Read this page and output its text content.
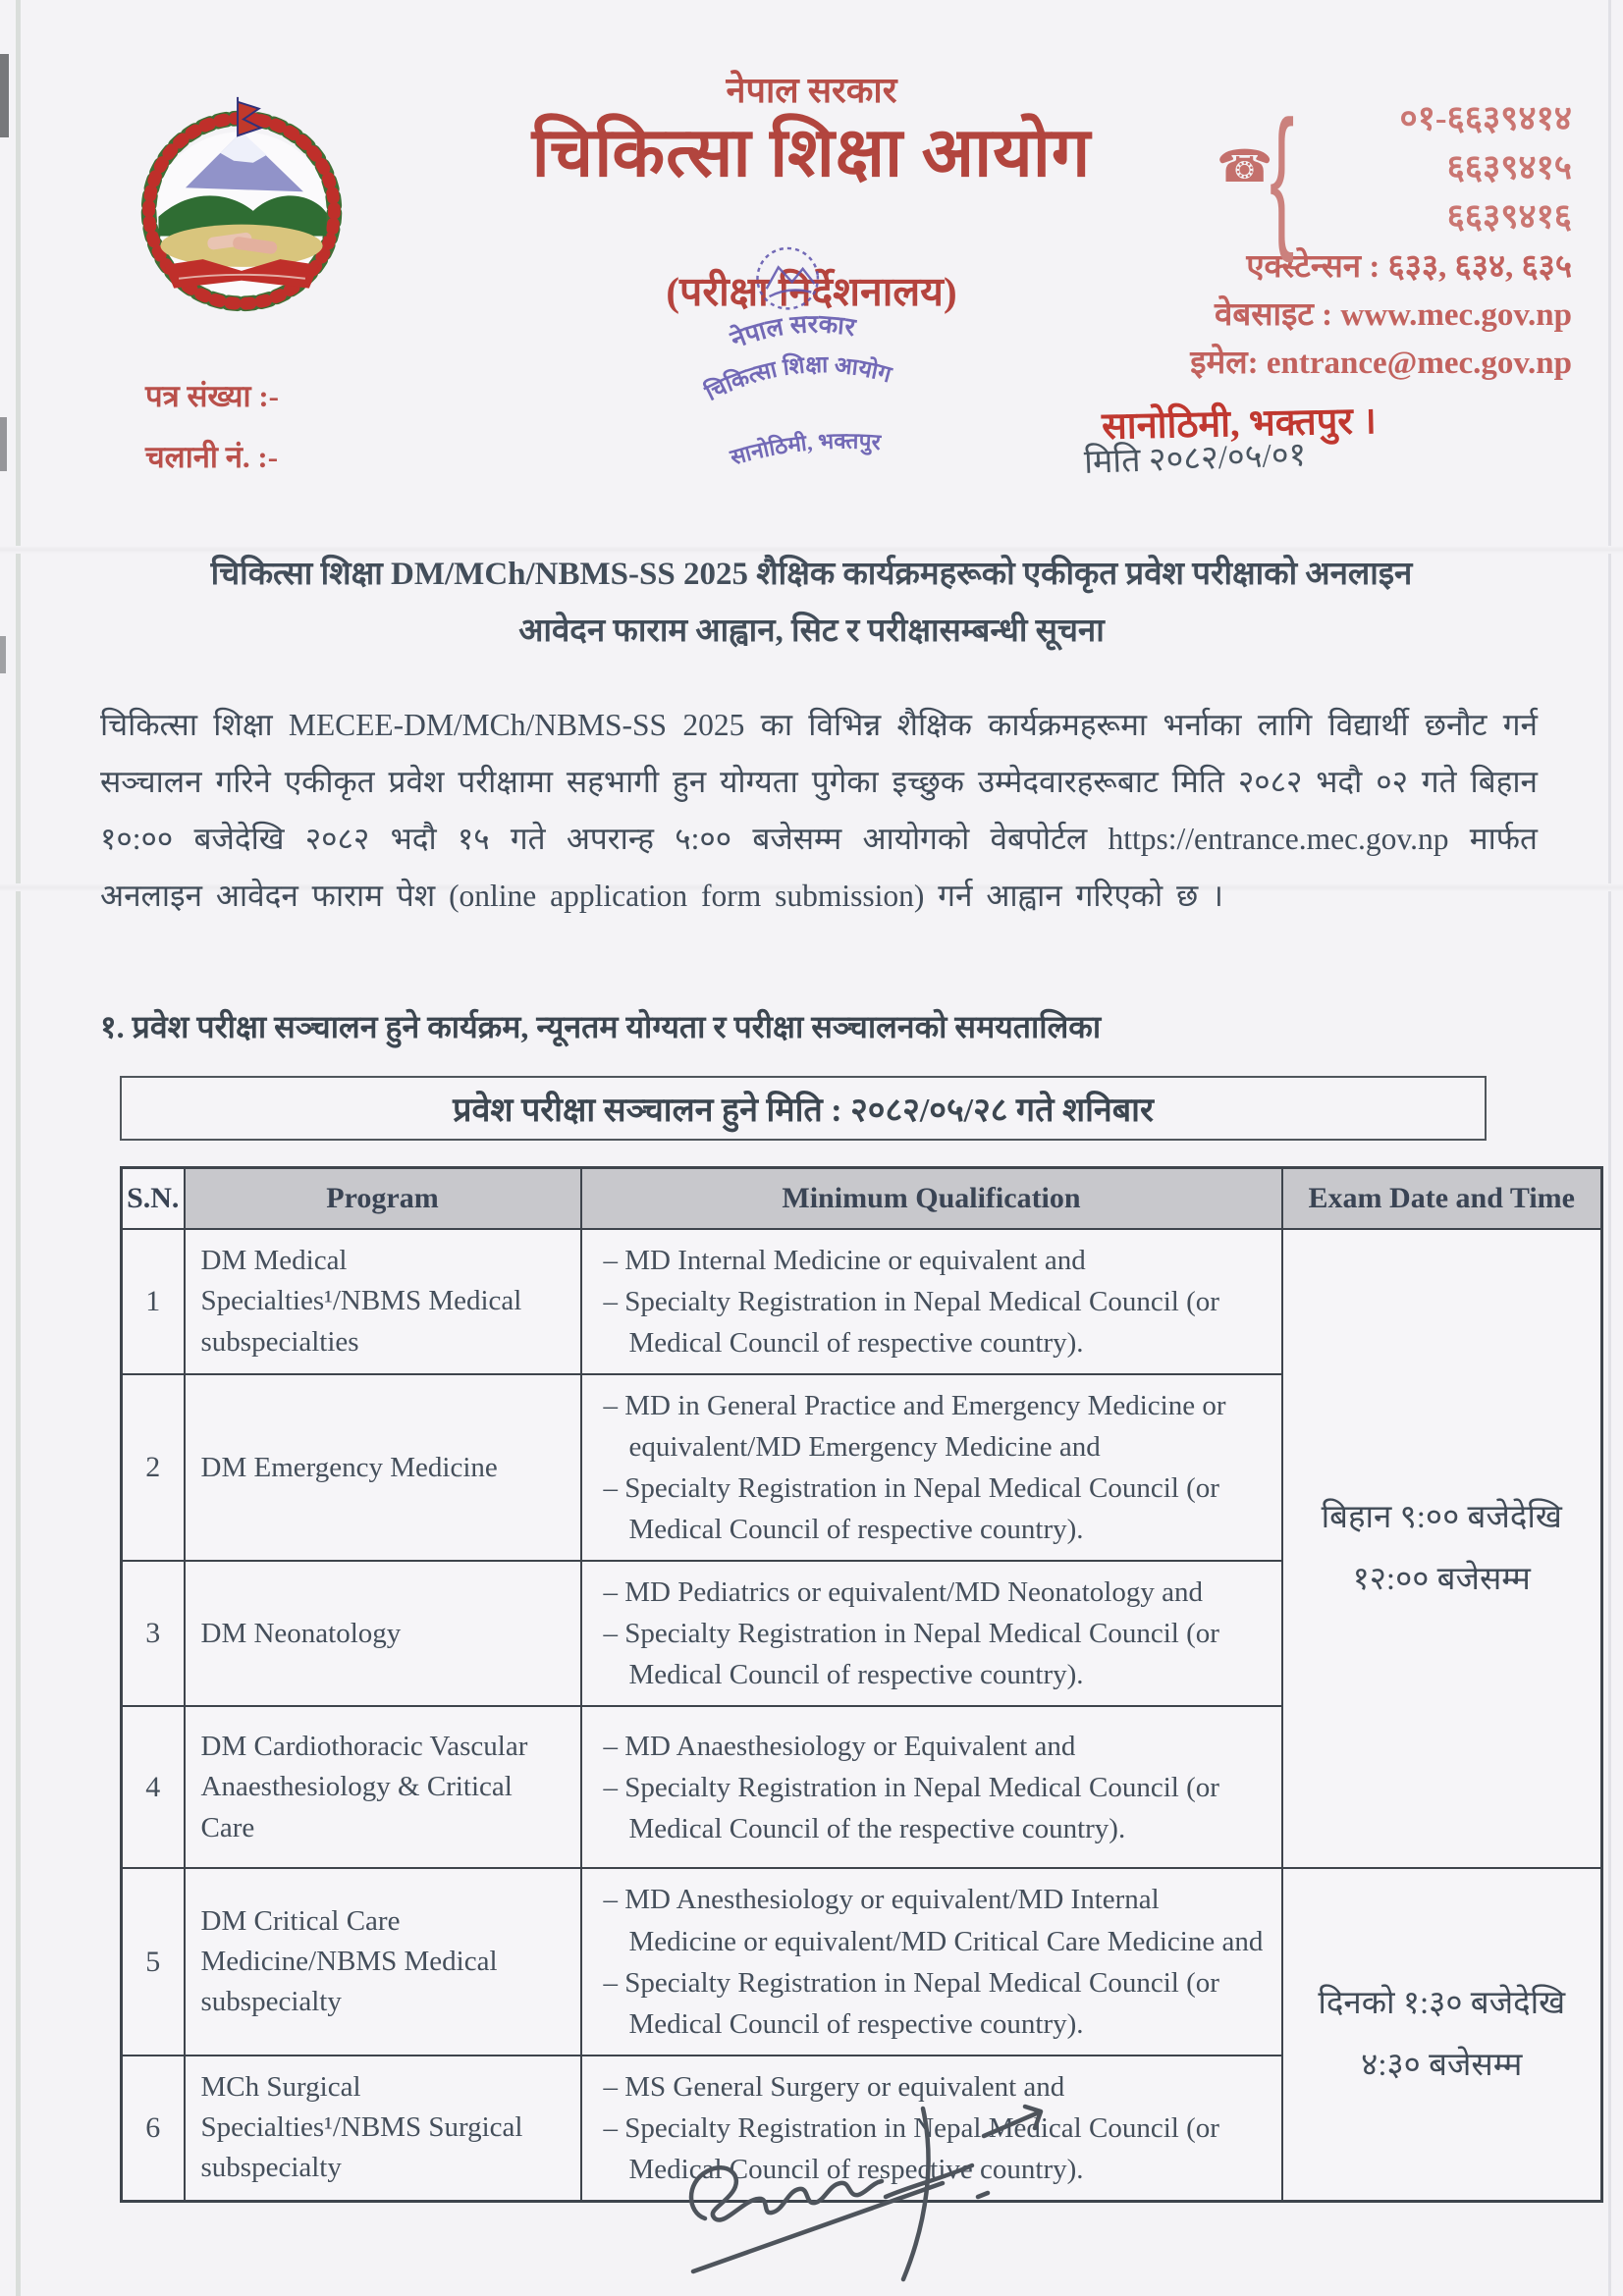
नेपाल सरकार
चिकित्सा शिक्षा आयोग
(परीक्षा निर्देशनालय)
नेपाल सरकार
चिकित्सा शिक्षा आयोग
सानोठिमी, भक्तपुर
☎
{	०१-६६३९४१४
६६३९४१५
६६३९४१६
एक्स्टेन्सन : ६३३, ६३४, ६३५
वेबसाइट : www.mec.gov.np
इमेल: entrance@mec.gov.np
पत्र संख्या :-
चलानी नं. :-
सानोठिमी, भक्तपुर ।
मिति २०८२/०५/०१
चिकित्सा शिक्षा DM/MCh/NBMS-SS 2025 शैक्षिक कार्यक्रमहरूको एकीकृत प्रवेश परीक्षाको अनलाइन
आवेदन फाराम आह्वान, सिट र परीक्षासम्बन्धी सूचना
चिकित्सा शिक्षा MECEE-DM/MCh/NBMS-SS 2025 का विभिन्न शैक्षिक कार्यक्रमहरूमा भर्नाका लागि विद्यार्थी छनौट गर्न सञ्चालन गरिने एकीकृत प्रवेश परीक्षामा सहभागी हुन योग्यता पुगेका इच्छुक उम्मेदवारहरूबाट मिति २०८२ भदौ ०२ गते बिहान १०:०० बजेदेखि २०८२ भदौ १५ गते अपरान्ह ५:०० बजेसम्म आयोगको वेबपोर्टल https://entrance.mec.gov.np मार्फत अनलाइन आवेदन फाराम पेश (online application form submission) गर्न आह्वान गरिएको छ ।
१. प्रवेश परीक्षा सञ्चालन हुने कार्यक्रम, न्यूनतम योग्यता र परीक्षा सञ्चालनको समयतालिका
प्रवेश परीक्षा सञ्चालन हुने मिति : २०८२/०५/२८ गते शनिबार
S.N.	Program	Minimum Qualification	Exam Date and Time
1	DM Medical Specialties¹/NBMS Medical subspecialties	– MD Internal Medicine or equivalent and
– Specialty Registration in Nepal Medical Council (or Medical Council of respective country).	बिहान ९:०० बजेदेखि १२:०० बजेसम्म
2	DM Emergency Medicine	– MD in General Practice and Emergency Medicine or equivalent/MD Emergency Medicine and
– Specialty Registration in Nepal Medical Council (or Medical Council of respective country).	

3	DM Neonatology	– MD Pediatrics or equivalent/MD Neonatology and
– Specialty Registration in Nepal Medical Council (or Medical Council of respective country).	

4	DM Cardiothoracic Vascular Anaesthesiology & Critical Care	– MD Anaesthesiology or Equivalent and
– Specialty Registration in Nepal Medical Council (or Medical Council of the respective country).	

5	DM Critical Care Medicine/NBMS Medical subspecialty	– MD Anesthesiology or equivalent/MD Internal Medicine or equivalent/MD Critical Care Medicine and
– Specialty Registration in Nepal Medical Council (or Medical Council of respective country).	दिनको १:३० बजेदेखि ४:३० बजेसम्म
6	MCh Surgical Specialties¹/NBMS Surgical subspecialty	– MS General Surgery or equivalent and
– Specialty Registration in Nepal Medical Council (or Medical Council of respective country).	
